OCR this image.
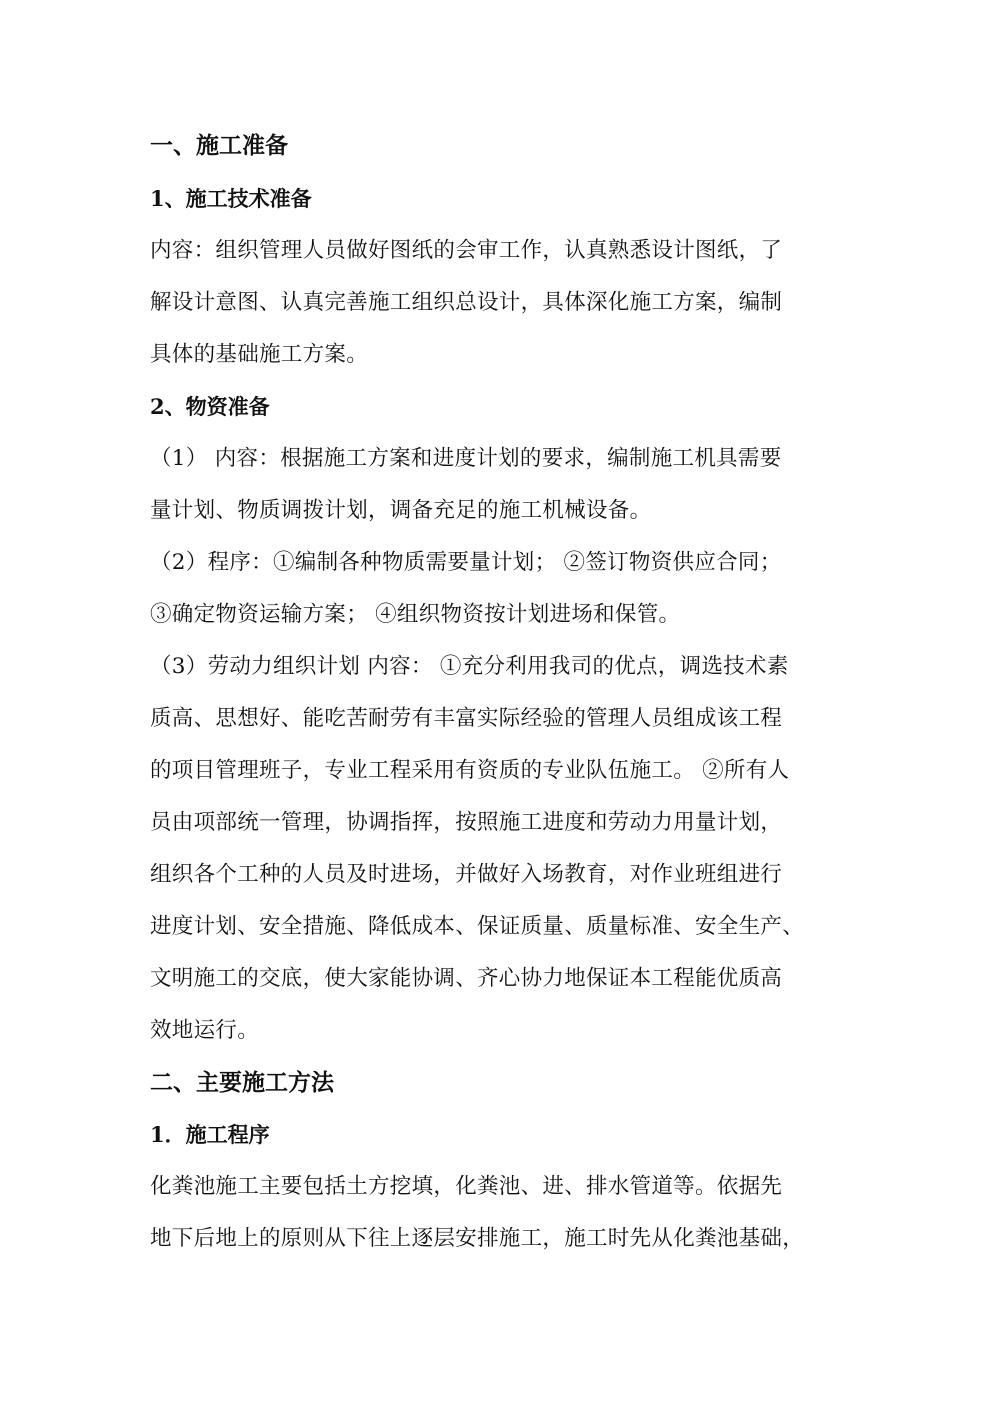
一、施工准备
1、施工技术准备
内容：组织管理人员做好图纸的会审工作，认真熟悉设计图纸，了
解设计意图、认真完善施工组织总设计，具体深化施工方案，编制
具体的基础施工方案。
2、物资准备
（1） 内容：根据施工方案和进度计划的要求，编制施工机具需要
量计划、物质调拨计划，调备充足的施工机械设备。
（2）程序：①编制各种物质需要量计划； ②签订物资供应合同；
③确定物资运输方案； ④组织物资按计划进场和保管。
（3）劳动力组织计划 内容： ①充分利用我司的优点，调选技术素
质高、思想好、能吃苦耐劳有丰富实际经验的管理人员组成该工程
的项目管理班子，专业工程采用有资质的专业队伍施工。 ②所有人
员由项部统一管理，协调指挥，按照施工进度和劳动力用量计划，
组织各个工种的人员及时进场，并做好入场教育，对作业班组进行
进度计划、安全措施、降低成本、保证质量、质量标准、安全生产、
文明施工的交底，使大家能协调、齐心协力地保证本工程能优质高
效地运行。
二、主要施工方法
1．施工程序
化粪池施工主要包括土方挖填，化粪池、进、排水管道等。依据先
地下后地上的原则从下往上逐层安排施工，施工时先从化粪池基础，
